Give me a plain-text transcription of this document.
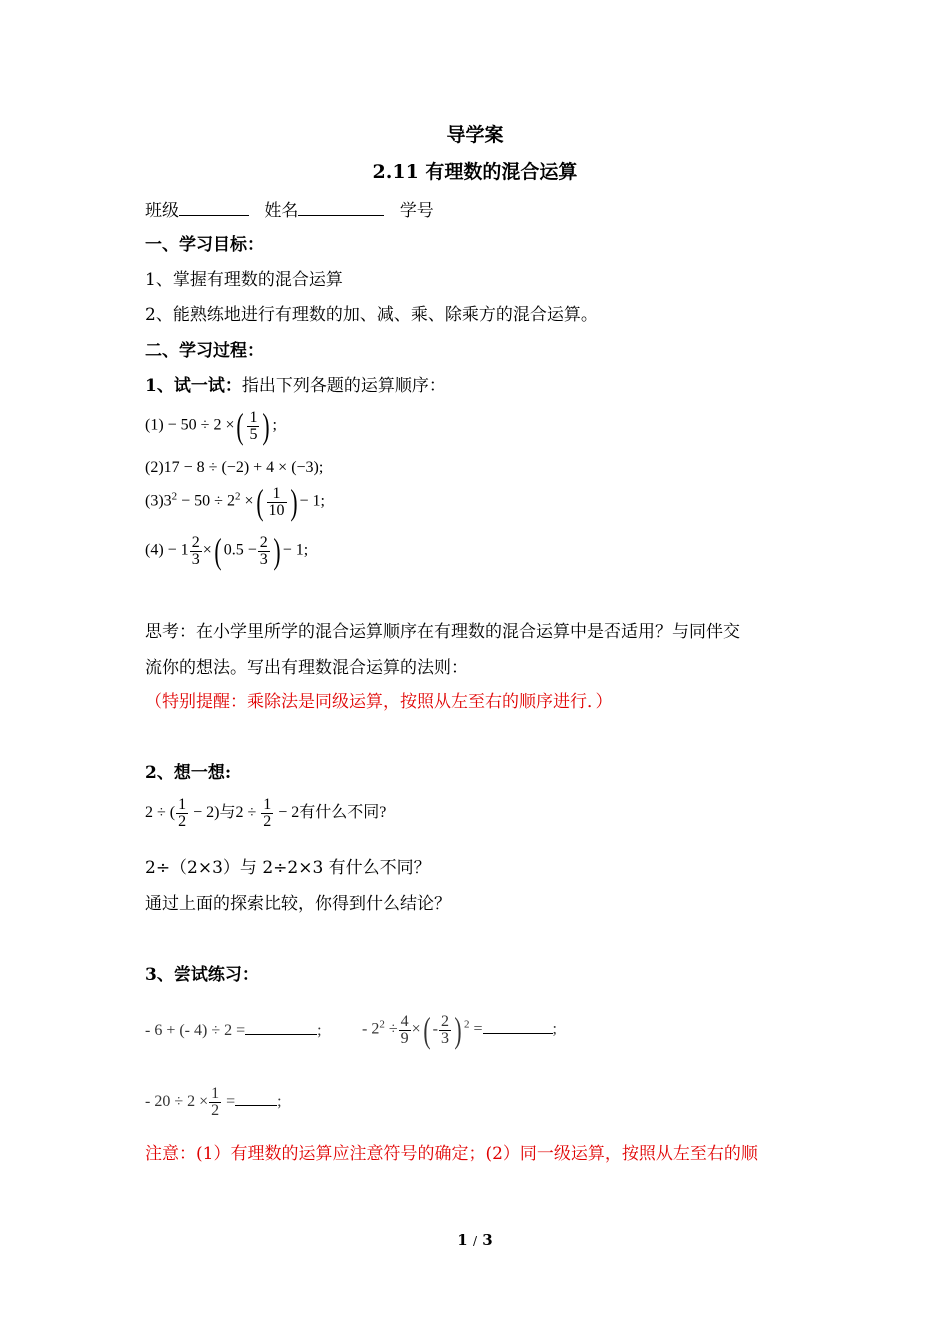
导学案
2.11 有理数的混合运算
班级	姓名	学号
一、学习目标：
1、掌握有理数的混合运算
2、能熟练地进行有理数的加、减、乘、除乘方的混合运算。
二、学习过程：
1、试一试：指出下列各题的运算顺序：
(1) − 50 ÷ 2 ×( $\frac{1}{5}$ ) ;
(2)17 − 8 ÷ (−2) + 4 × (−3);
$(3)3^2 - 50 \div 2^2$ ×( $\frac{1}{10}$ ) − 1;
$(4) - 1 \frac{2}{3}$ ×( $0.5 - \frac{2}{3}$ ) − 1;
思考：在小学里所学的混合运算顺序在有理数的混合运算中是否适用？与同伴交
流你的想法。写出有理数混合运算的法则：
（特别提醒：乘除法是同级运算，按照从左至右的顺序进行．）
2、想一想:
2 ÷ ( $\frac{1}{2} - 2$)与$2 \div \frac{1}{2} - 2$有什么不同?
2÷（2×3）与 2÷2×3 有什么不同？
通过上面的探索比较，你得到什么结论？
3、尝试练习：
- 6 + (- 4) ÷ 2 =	;	- $2^2 \div \frac{4}{9}$ ×( - $\frac{2}{3}$ ) $^2$ =	;
- $20 \div 2 \times \frac{1}{2}$ =	;
注意：(1）有理数的运算应注意符号的确定；(2）同一级运算，按照从左至右的顺
1 / 3
